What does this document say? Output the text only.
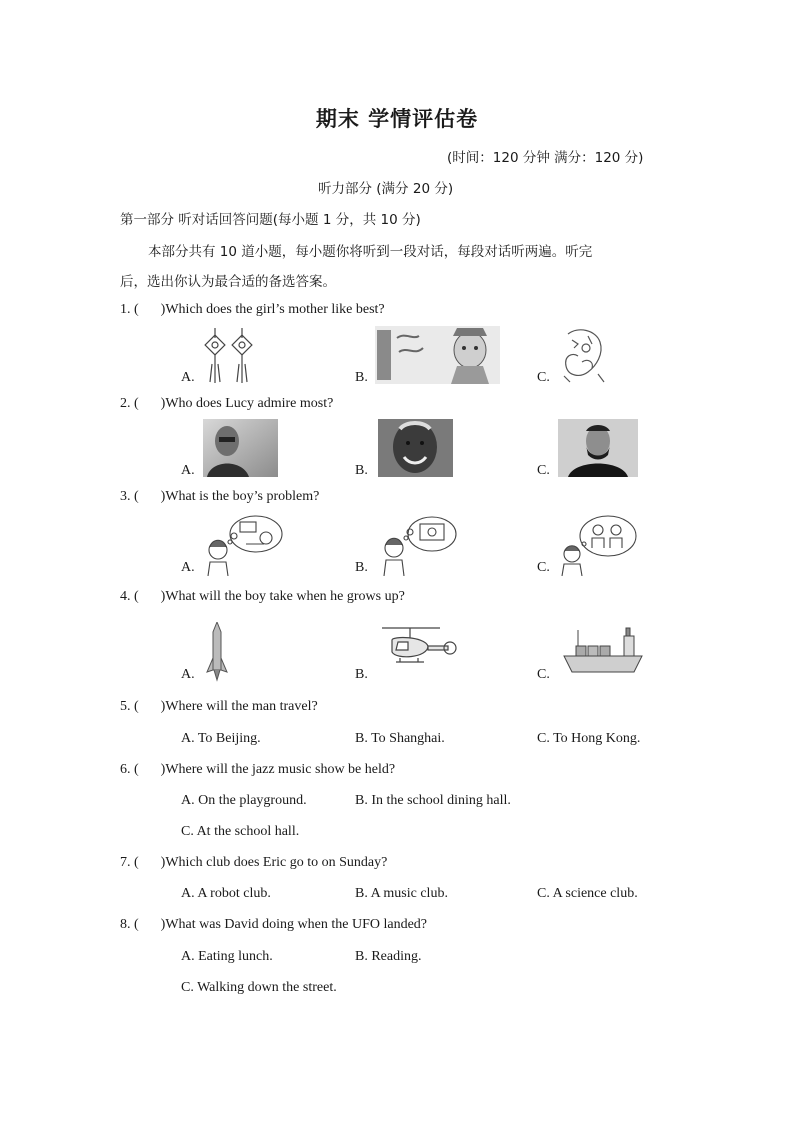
期末 学情评估卷
(时间：120 分钟 满分：120 分)
听力部分 (满分 20 分)
第一部分 听对话回答问题(每小题 1 分，共 10 分)
本部分共有 10 道小题，每小题你将听到一段对话，每段对话听两遍。听完
后，选出你认为最合适的备选答案。
1. ( )Which does the girl’s mother like best?
A.	B.	C.
2. ( )Who does Lucy admire most?
A.	B.	C.
3. ( )What is the boy’s problem?
A.	B.	C.
4. ( )What will the boy take when he grows up?
A.	B.	C.
5. ( )Where will the man travel?
A. To Beijing.	B. To Shanghai.	C. To Hong Kong.
6. ( )Where will the jazz music show be held?
A. On the playground.	B. In the school dining hall.
C. At the school hall.
7. ( )Which club does Eric go to on Sunday?
A. A robot club.	B. A music club.	C. A science club.
8. ( )What was David doing when the UFO landed?
A. Eating lunch.	B. Reading.
C. Walking down the street.
